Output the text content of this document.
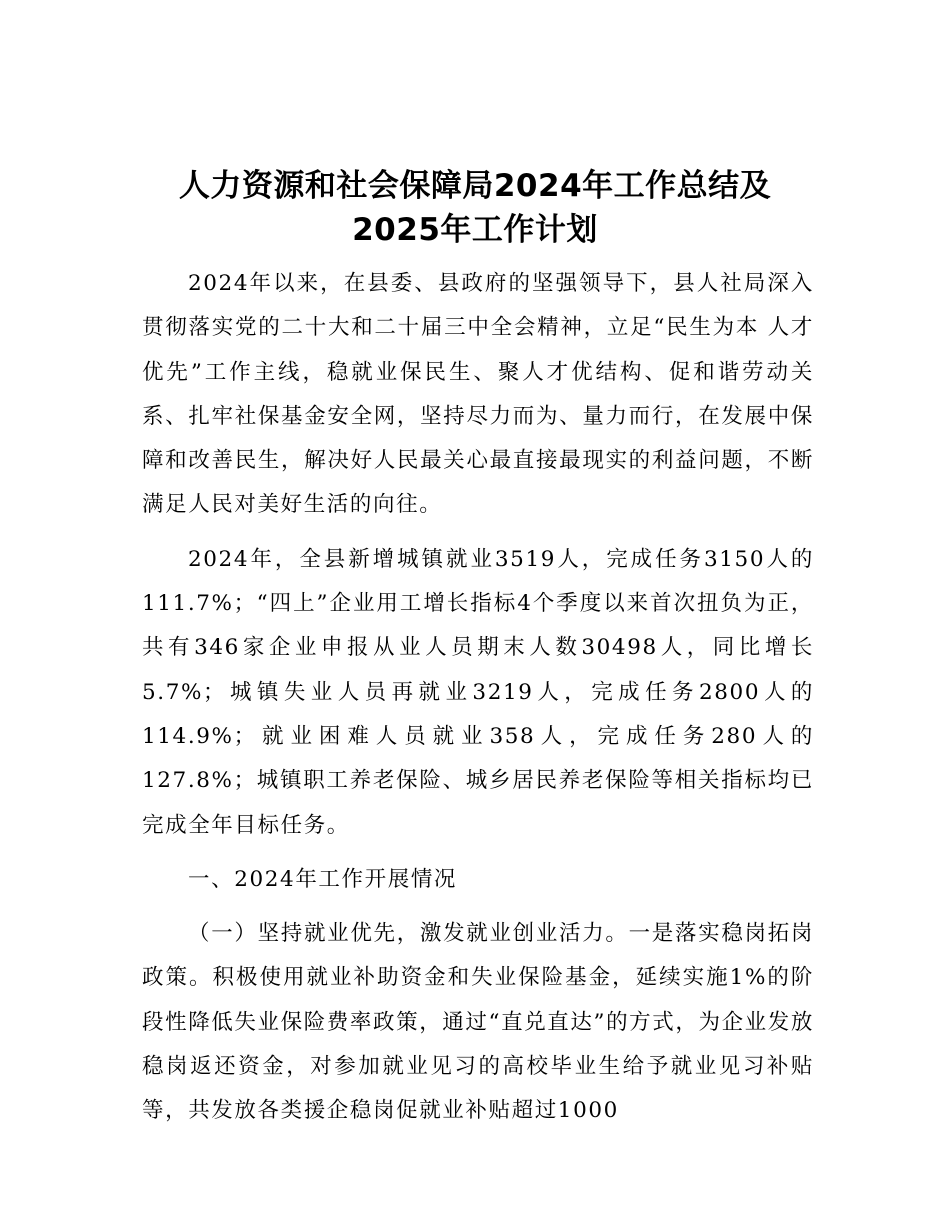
人力资源和社会保障局2024年工作总结及
2025年工作计划

2024年以来，在县委、县政府的坚强领导下，县人社局深入贯彻落实党的二十大和二十届三中全会精神，立足“民生为本 人才优先”工作主线，稳就业保民生、聚人才优结构、促和谐劳动关系、扎牢社保基金安全网，坚持尽力而为、量力而行，在发展中保障和改善民生，解决好人民最关心最直接最现实的利益问题，不断满足人民对美好生活的向往。

2024年，全县新增城镇就业3519人，完成任务3150人的111.7%；“四上”企业用工增长指标4个季度以来首次扭负为正，共有346家企业申报从业人员期末人数30498人，同比增长5.7%；城镇失业人员再就业3219人，完成任务2800人的114.9%；就业困难人员就业358人，完成任务280人的127.8%；城镇职工养老保险、城乡居民养老保险等相关指标均已完成全年目标任务。

一、2024年工作开展情况

（一）坚持就业优先，激发就业创业活力。一是落实稳岗拓岗政策。积极使用就业补助资金和失业保险基金，延续实施1%的阶段性降低失业保险费率政策，通过“直兑直达”的方式，为企业发放稳岗返还资金，对参加就业见习的高校毕业生给予就业见习补贴等，共发放各类援企稳岗促就业补贴超过1000
